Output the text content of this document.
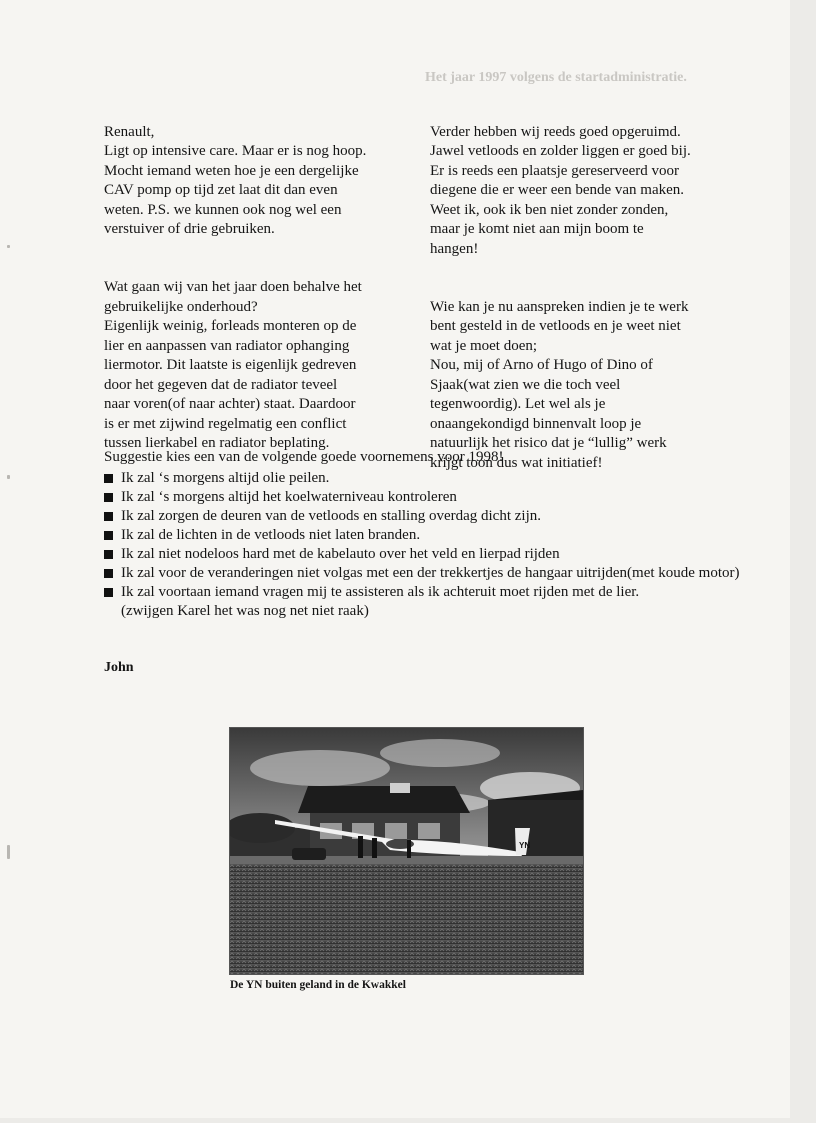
Het jaar 1997 volgens de startadministratie.

Renault,
Ligt op intensive care. Maar er is nog hoop.
Mocht iemand weten hoe je een dergelijke
CAV pomp op tijd zet laat dit dan even
weten. P.S. we kunnen ook nog wel een
verstuiver of drie gebruiken.

Wat gaan wij van het jaar doen behalve het
gebruikelijke onderhoud?
Eigenlijk weinig, forleads monteren op de
lier en aanpassen van radiator ophanging
liermotor. Dit laatste is eigenlijk gedreven
door het gegeven dat de radiator teveel
naar voren(of naar achter) staat. Daardoor
is er met zijwind regelmatig een conflict
tussen lierkabel en radiator beplating.

Verder hebben wij reeds goed opgeruimd.
Jawel vetloods en zolder liggen er goed bij.
Er is reeds een plaatsje gereserveerd voor
diegene die er weer een bende van maken.
Weet ik, ook ik ben niet zonder zonden,
maar je komt niet aan mijn boom te
hangen!

Wie kan je nu aanspreken indien je te werk
bent gesteld in de vetloods en je weet niet
wat je moet doen;
Nou, mij of Arno of Hugo of Dino of
Sjaak(wat zien we die toch veel
tegenwoordig). Let wel als je
onaangekondigd binnenvalt loop je
natuurlijk het risico dat je “lullig” werk
krijgt toon dus wat initiatief!

Suggestie kies een van de volgende goede voornemens voor 1998!

Ik zal ‘s morgens altijd olie peilen.
Ik zal ‘s morgens altijd het koelwaterniveau kontroleren
Ik zal zorgen de deuren van de vetloods en stalling overdag dicht zijn.
Ik zal de lichten in de vetloods niet laten branden.
Ik zal niet nodeloos hard met de kabelauto over het veld en lierpad rijden
Ik zal voor de veranderingen niet volgas met een der trekkertjes de hangaar uitrijden(met koude motor)
Ik zal voortaan iemand vragen mij te assisteren als ik achteruit moet rijden met de lier.

(zwijgen Karel het was nog net niet raak)

John
YN
De YN buiten geland in de Kwakkel
